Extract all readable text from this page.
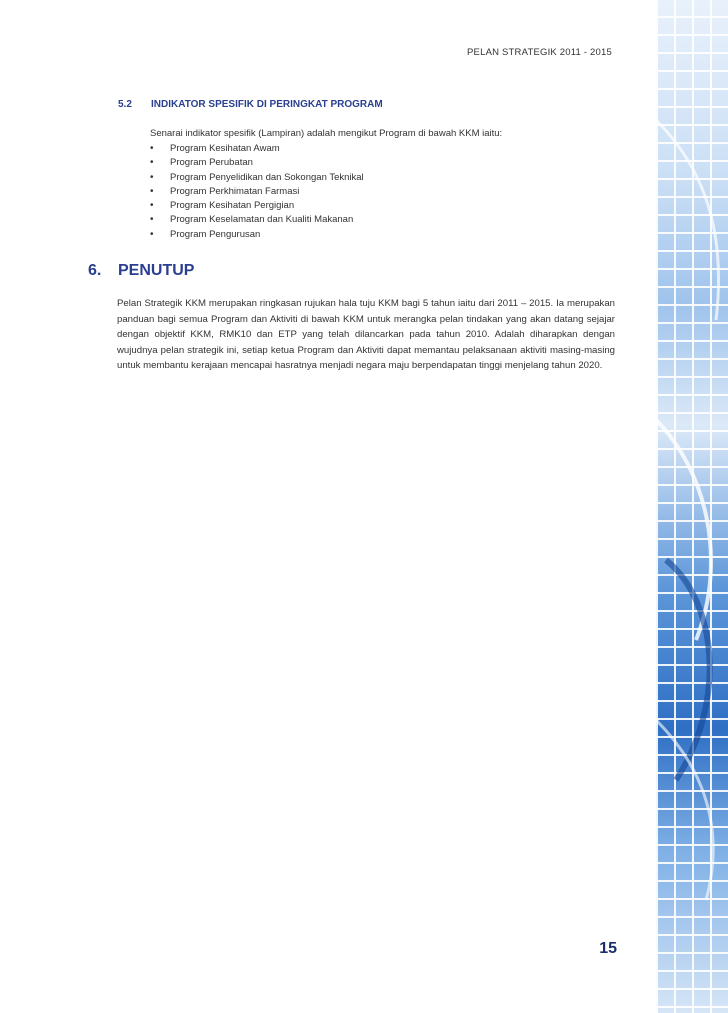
PELAN STRATEGIK 2011 - 2015
5.2 INDIKATOR SPESIFIK DI PERINGKAT PROGRAM
Senarai indikator spesifik (Lampiran) adalah mengikut Program di bawah KKM iaitu:
• Program Kesihatan Awam
• Program Perubatan
• Program Penyelidikan dan Sokongan Teknikal
• Program Perkhimatan Farmasi
• Program Kesihatan Pergigian
• Program Keselamatan dan Kualiti Makanan
• Program Pengurusan
6. PENUTUP

Pelan Strategik KKM merupakan ringkasan rujukan hala tuju KKM bagi 5 tahun iaitu dari 2011 – 2015. Ia merupakan panduan bagi semua Program dan Aktiviti di bawah KKM untuk merangka pelan tindakan yang akan datang sejajar dengan objektif KKM, RMK10 dan ETP yang telah dilancarkan pada tahun 2010. Adalah diharapkan dengan wujudnya pelan strategik ini, setiap ketua Program dan Aktiviti dapat memantau pelaksanaan aktiviti masing-masing untuk membantu kerajaan mencapai hasratnya menjadi negara maju berpendapatan tinggi menjelang tahun 2020.

15
